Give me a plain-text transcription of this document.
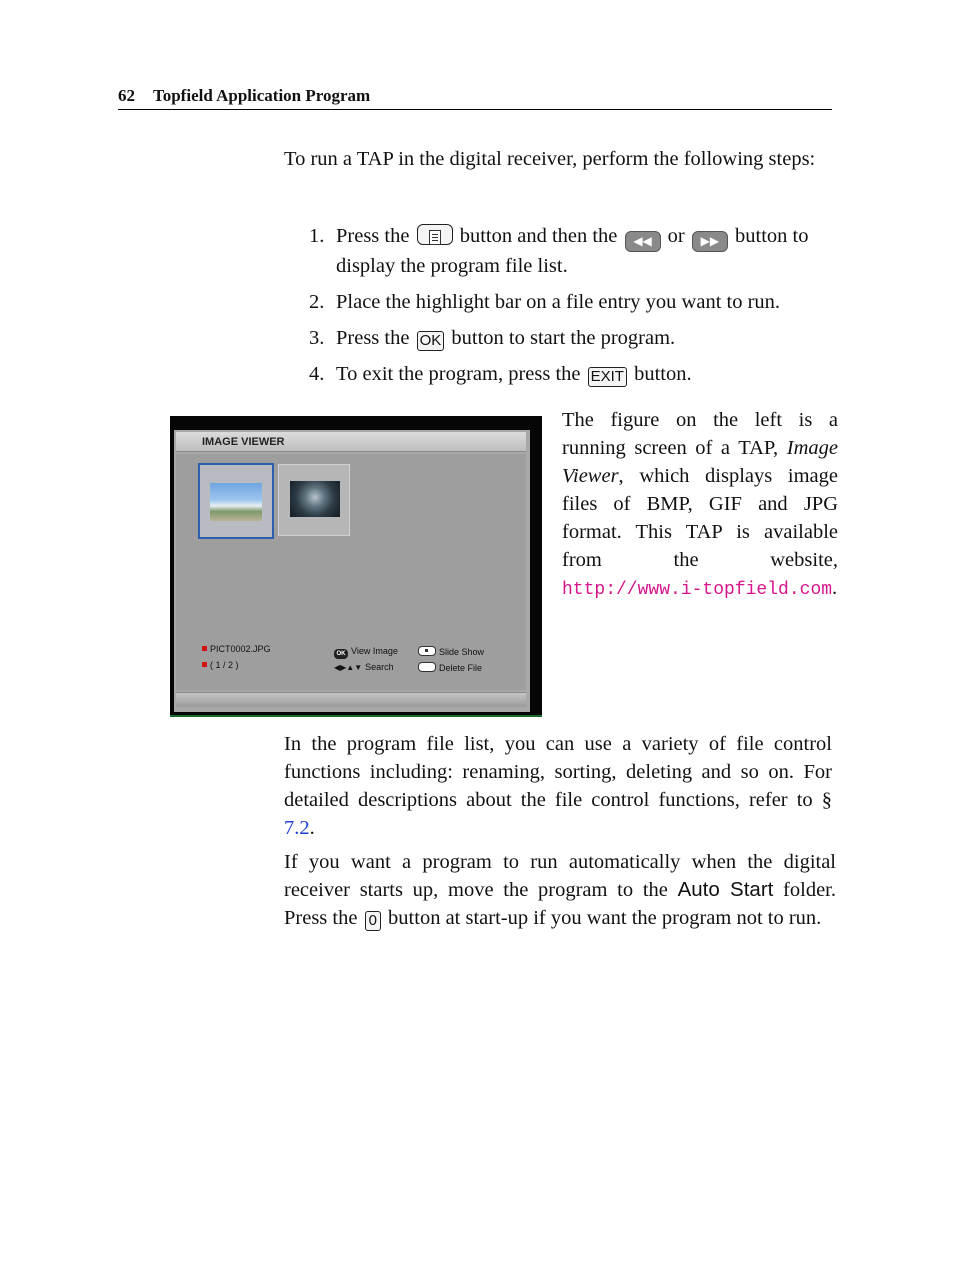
62 Topfield Application Program

To run a TAP in the digital receiver, perform the following steps:

1. Press the button and then the ◀◀ or ▶▶ button to display the program file list.
2. Place the highlight bar on a file entry you want to run.
3. Press the OK button to start the program.
4. To exit the program, press the EXIT button.
IMAGE VIEWER
PICT0002.JPG
( 1 / 2 )
OK View Image
◀▶▲▼ Search
Slide Show
Delete File

The figure on the left is a running screen of a TAP, Image Viewer, which displays image files of BMP, GIF and JPG format. This TAP is available from the website, http://www.i-topfield.com.

In the program file list, you can use a variety of file control functions including: renaming, sorting, deleting and so on. For detailed descriptions about the file control functions, refer to § 7.2.

If you want a program to run automatically when the digital receiver starts up, move the program to the Auto Start folder. Press the 0 button at start-up if you want the program not to run.
